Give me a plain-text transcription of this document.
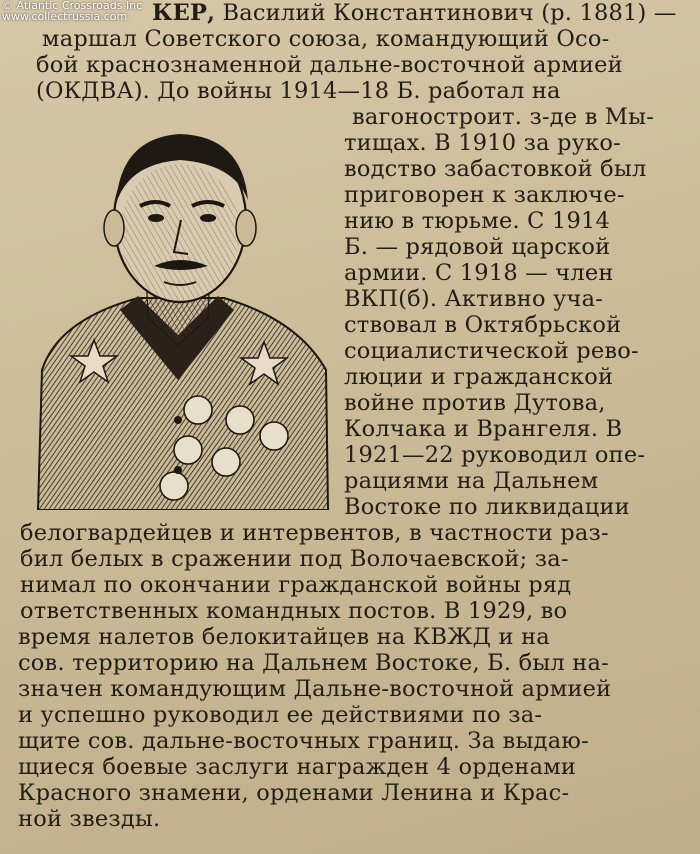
© Atlantic Crossroads Inc
www.collectrussia.com	КЕР, Василий Константинович (р. 1881) —
маршал Советского союза, командующий Осо-
бой краснознаменной дальне-восточной армией
(ОКДВА). До войны 1914—18 Б. работал на
вагоностроит. з-де в Мы-
тищах. В 1910 за руко-
водство забастовкой был
приговорен к заключе-
нию в тюрьме. С 1914
Б. — рядовой царской
армии. С 1918 — член
ВКП(б). Активно уча-
ствовал в Октябрьской
социалистической рево-
люции и гражданской
войне против Дутова,
Колчака и Врангеля. В
1921—22 руководил опе-
рациями на Дальнем
Востоке по ликвидации
белогвардейцев и интервентов, в частности раз-
бил белых в сражении под Волочаевской; за-
нимал по окончании гражданской войны ряд
ответственных командных постов. В 1929, во
время налетов белокитайцев на КВЖД и на
сов. территорию на Дальнем Востоке, Б. был на-
значен командующим Дальне-восточной армией
и успешно руководил ее действиями по за-
щите сов. дальне-восточных границ. За выдаю-
щиеся боевые заслуги награжден 4 орденами
Красного знамени, орденами Ленина и Крас-
ной звезды.
